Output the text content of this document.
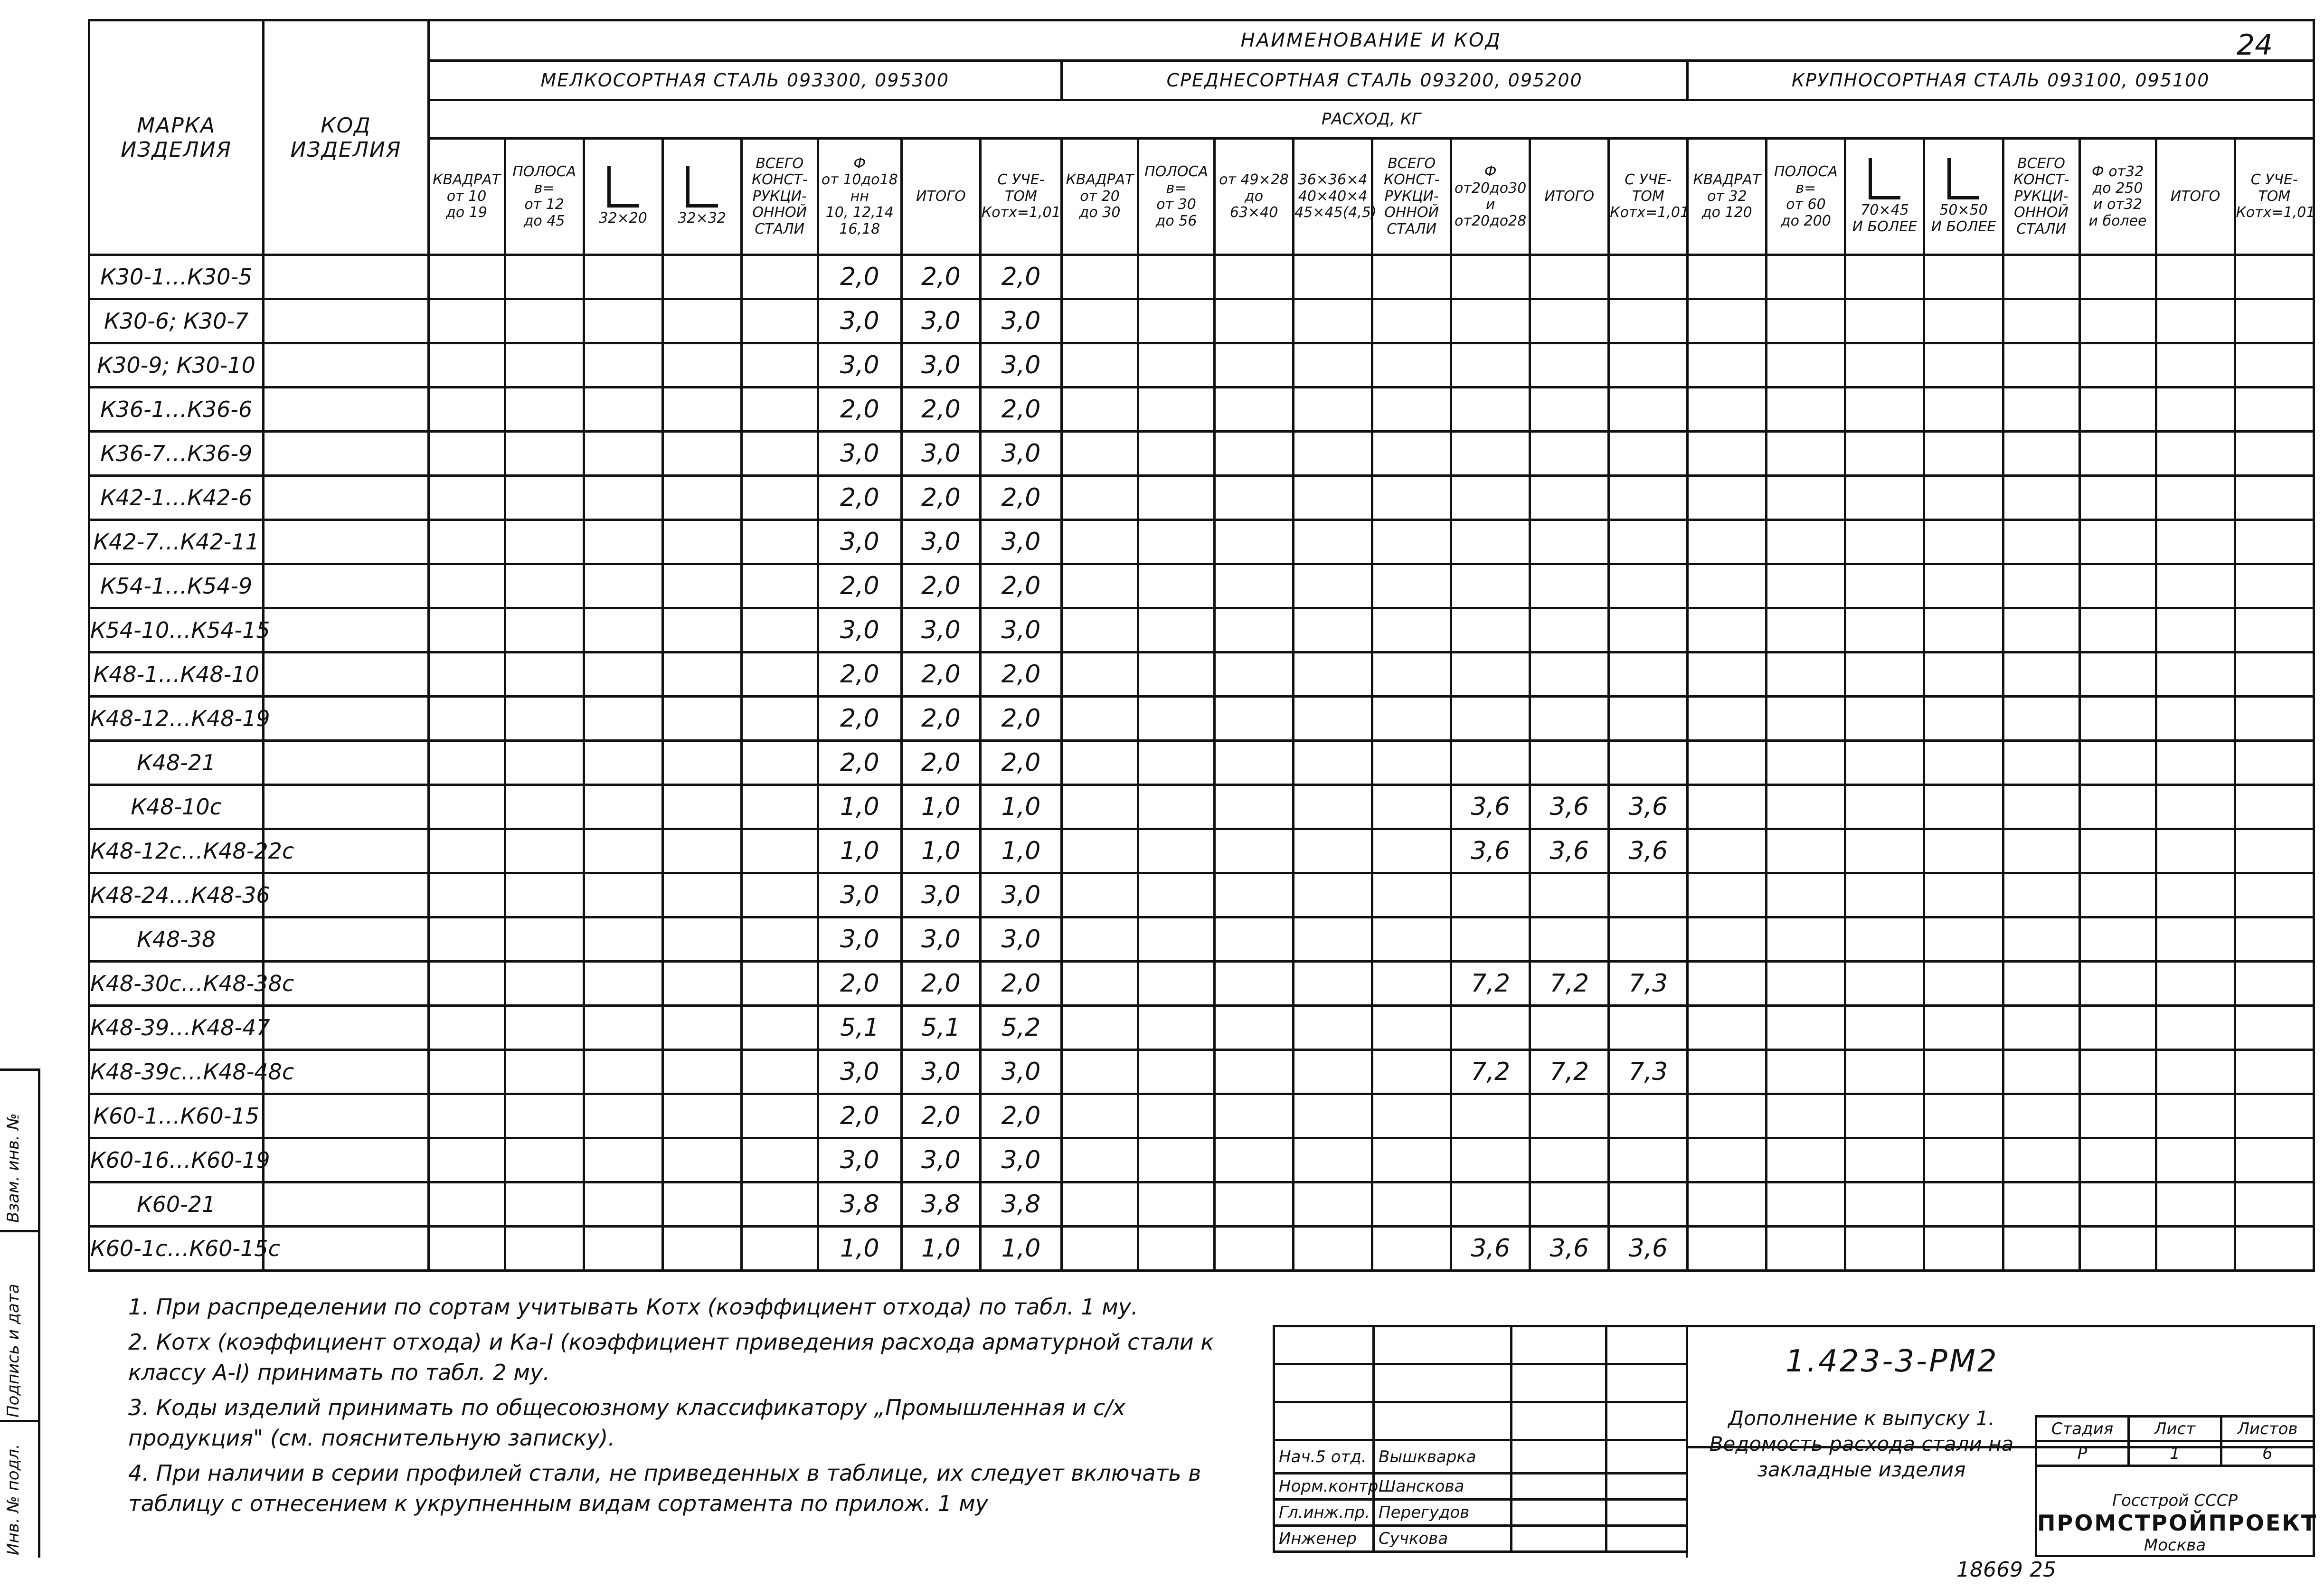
24
МАРКА ИЗДЕЛИЯ	КОД ИЗДЕЛИЯ	НАИМЕНОВАНИЕ И КОД																							
		МЕЛКОСОРТНАЯ СТАЛЬ 093300, 095300								СРЕДНЕСОРТНАЯ СТАЛЬ 093200, 095200								КРУПНОСОРТНАЯ СТАЛЬ 093100, 095100							
		РАСХОД, КГ																							
		КВАДРАТ
от 10
до 19	ПОЛОСА
в=
от 12
до 45	32×20	32×32	ВСЕГО
КОНСТ-
РУКЦИ-
ОННОЙ
СТАЛИ	Ф
от 10до18
нн
10, 12,14
16,18	ИТОГО	С УЧЕ-
ТОМ
Котх=1,01	КВАДРАТ
от 20
до 30	ПОЛОСА
в=
от 30
до 56	от 49×28
до
63×40	36×36×4
40×40×4
45×45(4,5)	ВСЕГО
КОНСТ-
РУКЦИ-
ОННОЙ
СТАЛИ	Ф
от20до30
и
от20до28	ИТОГО	С УЧЕ-
ТОМ
Котх=1,01	КВАДРАТ
от 32
до 120	ПОЛОСА
в=
от 60
до 200	70×45
И БОЛЕЕ	50×50
И БОЛЕЕ	ВСЕГО
КОНСТ-
РУКЦИ-
ОННОЙ
СТАЛИ	Ф от32
до 250
и от32
и более	ИТОГО	С УЧЕ-
ТОМ
Котх=1,01
К30-1…К30-5							2,0	2,0	2,0																
К30-6; К30-7							3,0	3,0	3,0																
К30-9; К30-10							3,0	3,0	3,0																
К36-1…К36-6							2,0	2,0	2,0																
К36-7…К36-9							3,0	3,0	3,0																
К42-1…К42-6							2,0	2,0	2,0																
К42-7…К42-11							3,0	3,0	3,0																
К54-1…К54-9							2,0	2,0	2,0																
К54-10…К54-15							3,0	3,0	3,0																
К48-1…К48-10							2,0	2,0	2,0																
К48-12…К48-19							2,0	2,0	2,0																
К48-21							2,0	2,0	2,0																
К48-10с							1,0	1,0	1,0						3,6	3,6	3,6								
К48-12с…К48-22с							1,0	1,0	1,0						3,6	3,6	3,6								
К48-24…К48-36							3,0	3,0	3,0																
К48-38							3,0	3,0	3,0																
К48-30с…К48-38с							2,0	2,0	2,0						7,2	7,2	7,3								
К48-39…К48-47							5,1	5,1	5,2																
К48-39с…К48-48с							3,0	3,0	3,0						7,2	7,2	7,3								
К60-1…К60-15							2,0	2,0	2,0																
К60-16…К60-19							3,0	3,0	3,0																
К60-21							3,8	3,8	3,8																
К60-1с…К60-15с							1,0	1,0	1,0						3,6	3,6	3,6								
Взам. инв. №
Подпись и дата
Инв. № подл.

1. При распределении по сортам учитывать Котх (коэффициент отхода) по табл. 1 му.

2. Котх (коэффициент отхода) и Кa-I (коэффициент приведения расхода арматурной стали к классу A-I) принимать по табл. 2 му.

3. Коды изделий принимать по общесоюзному классификатору „Промышленная и с/х продукция" (см. пояснительную записку).

4. При наличии в серии профилей стали, не приведенных в таблице, их следует включать в таблицу с отнесением к укрупненным видам сортамента по прилож. 1 му

Нач.5 отд.	Вышкварка		
Норм.контр.	Шанскова		
Гл.инж.пр.	Перегудов		
Инженер	Сучкова		
Стадия	Лист	Листов
Р	1	6

1.423-3-РМ2
Дополнение к выпуску 1. Ведомость расхода стали на закладные изделия
Госстрой СССР
ПРОМСТРОЙПРОЕКТ
Москва
18669 25
